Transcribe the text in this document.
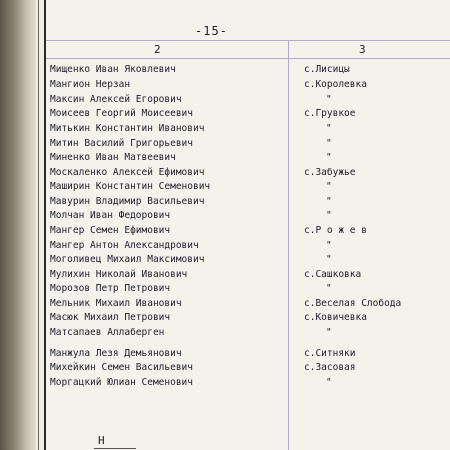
-15-
2	3
Мищенко Иван Яковлевич	с.Лисицы
Мангион Нерзан	с.Королевка
Максин Алексей Егорович	"
Моисеев Георгий Моисеевич	с.Грувкое
Митькин Константин Иванович	"
Митин Василий Григорьевич	"
Миненко Иван Матвеевич	"
Москаленко Алексей Ефимович	с.Забужье
Маширин Константин Семенович	"
Мавурин Владимир Васильевич	"
Молчан Иван Федорович	"
Мангер Семен Ефимович	с.Р о ж е в
Мангер Антон Александрович	"
Моголивец Михаил Максимович	"
Мулихин Николай Иванович	с.Сашковка
Морозов Петр Петрович	"
Мельник Михаил Иванович	с.Веселая Слобода
Масюк Михаил Петрович	с.Ковичевка
Матсапаев Аллаберген	"
Манжула Лезя Демьянович	с.Ситняки
Михейкин Семен Васильевич	с.Засовая
Моргацкий Юлиан Семенович	"
Н
